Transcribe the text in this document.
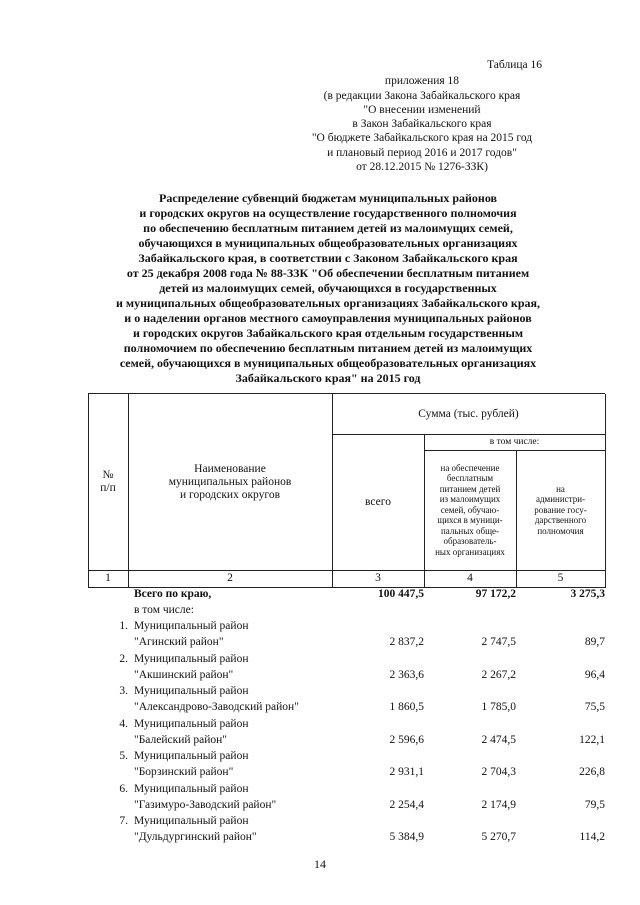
Таблица 16
приложения 18
(в редакции Закона Забайкальского края
"О внесении изменений
в Закон Забайкальского края
"О бюджете Забайкальского края на 2015 год
и плановый период 2016 и 2017 годов"
от 28.12.2015 № 1276-ЗЗК)
Распределение субвенций бюджетам муниципальных районов
и городских округов на осуществление государственного полномочия
по обеспечению бесплатным питанием детей из малоимущих семей,
обучающихся в муниципальных общеобразовательных организациях
Забайкальского края, в соответствии с Законом Забайкальского края
от 25 декабря 2008 года № 88-ЗЗК "Об обеспечении бесплатным питанием
детей из малоимущих семей, обучающихся в государственных
и муниципальных общеобразовательных организациях Забайкальского края,
и о наделении органов местного самоуправления муниципальных районов
и городских округов Забайкальского края отдельным государственным
полномочием по обеспечению бесплатным питанием детей из малоимущих
семей, обучающихся в муниципальных общеобразовательных организациях
Забайкальского края" на 2015 год
№
п/п
Наименование
муниципальных районов
и городских округов
Сумма (тыс. рублей)
всего
в том числе:
на обеспечение
бесплатным
питанием детей
из малоимущих
семей, обучаю-
щихся в муници-
пальных обще-
образователь-
ных организациях
на
администри-
рование госу-
дарственного
полномочия
1	2	3	4	5
Всего по краю,	100 447,5	97 172,2	3 275,3
в том числе:
1. Муниципальный район
"Агинский район"	2 837,2	2 747,5	89,7
2. Муниципальный район
"Акшинский район"	2 363,6	2 267,2	96,4
3. Муниципальный район
"Александрово-Заводский район"	1 860,5	1 785,0	75,5
4. Муниципальный район
"Балейский район"	2 596,6	2 474,5	122,1
5. Муниципальный район
"Борзинский район"	2 931,1	2 704,3	226,8
6. Муниципальный район
"Газимуро-Заводский район"	2 254,4	2 174,9	79,5
7. Муниципальный район
"Дульдургинский район"	5 384,9	5 270,7	114,2
14
